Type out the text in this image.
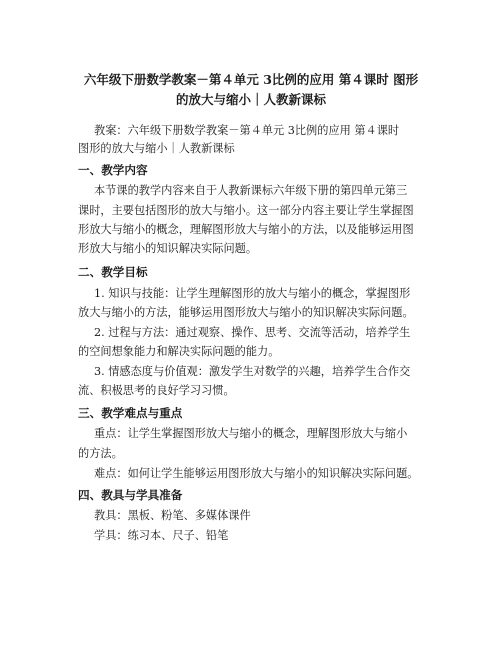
六年级下册数学教案－第４单元 3比例的应用 第４课时 图形
的放大与缩小｜人教新课标
教案：六年级下册数学教案－第４单元 3比例的应用 第４课时
图形的放大与缩小｜人教新课标
一、教学内容
本节课的教学内容来自于人教新课标六年级下册的第四单元第三
课时，主要包括图形的放大与缩小。这一部分内容主要让学生掌握图
形放大与缩小的概念，理解图形放大与缩小的方法，以及能够运用图
形放大与缩小的知识解决实际问题。
二、教学目标
1. 知识与技能：让学生理解图形的放大与缩小的概念，掌握图形
放大与缩小的方法，能够运用图形放大与缩小的知识解决实际问题。
2. 过程与方法：通过观察、操作、思考、交流等活动，培养学生
的空间想象能力和解决实际问题的能力。
3. 情感态度与价值观：激发学生对数学的兴趣，培养学生合作交
流、积极思考的良好学习习惯。
三、教学难点与重点
重点：让学生掌握图形放大与缩小的概念，理解图形放大与缩小
的方法。
难点：如何让学生能够运用图形放大与缩小的知识解决实际问题。
四、教具与学具准备
教具：黑板、粉笔、多媒体课件
学具：练习本、尺子、铅笔
